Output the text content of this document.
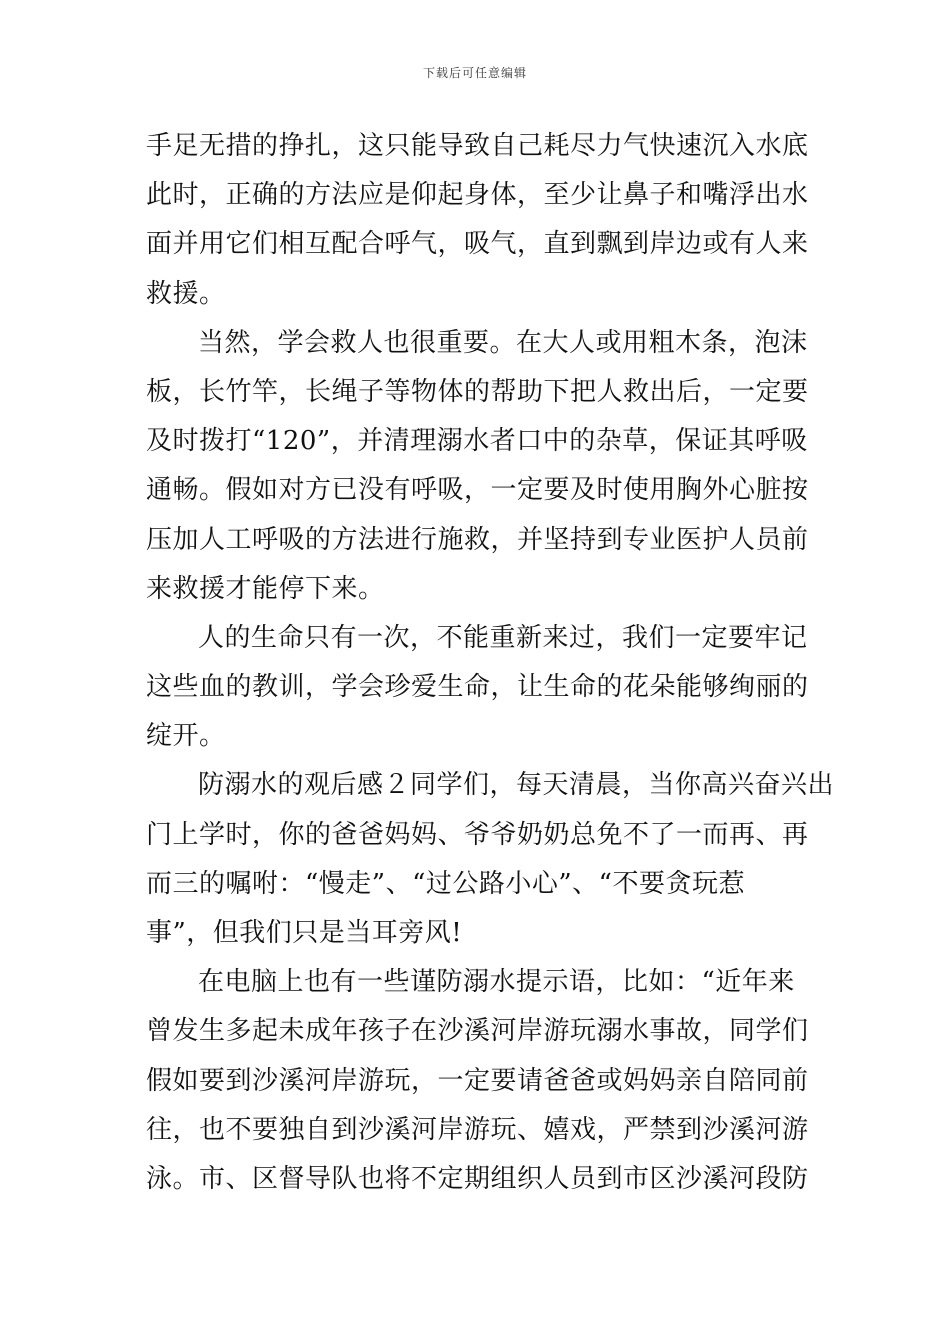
下载后可任意编辑
手足无措的挣扎，这只能导致自己耗尽力气快速沉入水底
此时，正确的方法应是仰起身体，至少让鼻子和嘴浮出水
面并用它们相互配合呼气，吸气，直到飘到岸边或有人来
救援。
当然，学会救人也很重要。在大人或用粗木条，泡沫
板，长竹竿，长绳子等物体的帮助下把人救出后，一定要
及时拨打“120”，并清理溺水者口中的杂草，保证其呼吸
通畅。假如对方已没有呼吸，一定要及时使用胸外心脏按
压加人工呼吸的方法进行施救，并坚持到专业医护人员前
来救援才能停下来。
人的生命只有一次，不能重新来过，我们一定要牢记
这些血的教训，学会珍爱生命，让生命的花朵能够绚丽的
绽开。
防溺水的观后感２同学们，每天清晨，当你高兴奋兴出
门上学时，你的爸爸妈妈、爷爷奶奶总免不了一而再、再
而三的嘱咐：“慢走”、“过公路小心”、“不要贪玩惹
事”，但我们只是当耳旁风!
在电脑上也有一些谨防溺水提示语，比如：“近年来
曾发生多起未成年孩子在沙溪河岸游玩溺水事故，同学们
假如要到沙溪河岸游玩，一定要请爸爸或妈妈亲自陪同前
往，也不要独自到沙溪河岸游玩、嬉戏，严禁到沙溪河游
泳。市、区督导队也将不定期组织人员到市区沙溪河段防
